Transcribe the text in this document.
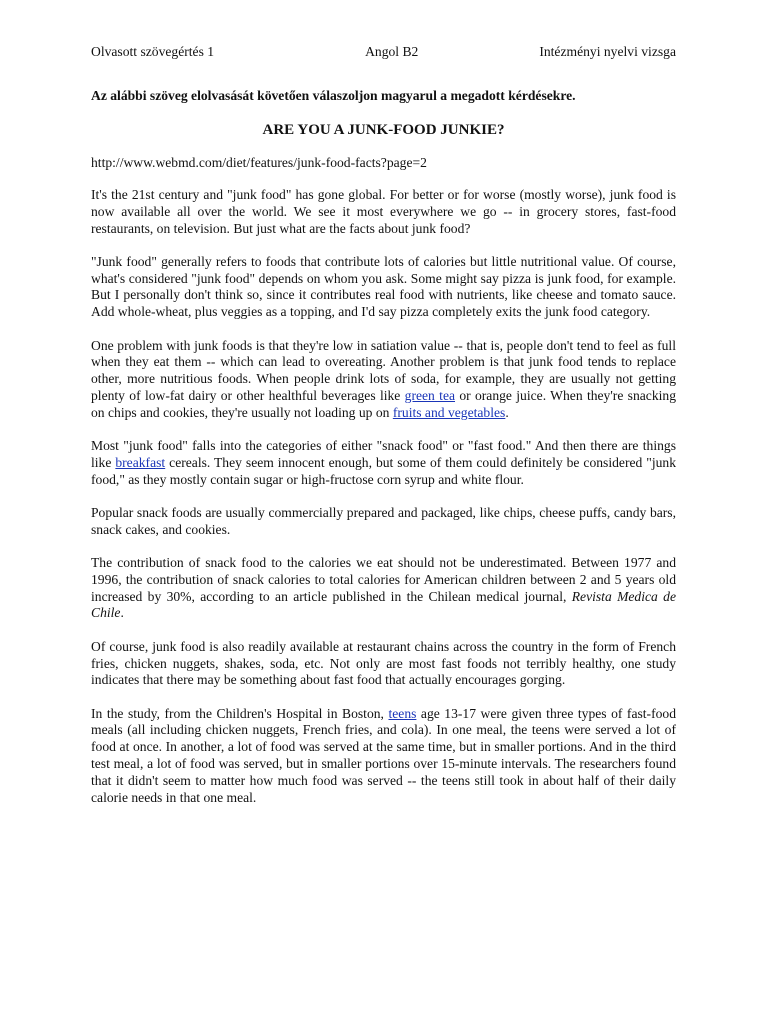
Olvasott szövegértés 1	Angol B2	Intézményi nyelvi vizsga

Az alábbi szöveg elolvasását követően válaszoljon magyarul a megadott kérdésekre.

ARE YOU A JUNK-FOOD JUNKIE?

http://www.webmd.com/diet/features/junk-food-facts?page=2

It's the 21st century and "junk food" has gone global. For better or for worse (mostly worse), junk food is now available all over the world. We see it most everywhere we go -- in grocery stores, fast-food restaurants, on television. But just what are the facts about junk food?

"Junk food" generally refers to foods that contribute lots of calories but little nutritional value. Of course, what's considered "junk food" depends on whom you ask. Some might say pizza is junk food, for example. But I personally don't think so, since it contributes real food with nutrients, like cheese and tomato sauce. Add whole-wheat, plus veggies as a topping, and I'd say pizza completely exits the junk food category.

One problem with junk foods is that they're low in satiation value -- that is, people don't tend to feel as full when they eat them -- which can lead to overeating. Another problem is that junk food tends to replace other, more nutritious foods. When people drink lots of soda, for example, they are usually not getting plenty of low-fat dairy or other healthful beverages like green tea or orange juice. When they're snacking on chips and cookies, they're usually not loading up on fruits and vegetables.

Most "junk food" falls into the categories of either "snack food" or "fast food." And then there are things like breakfast cereals. They seem innocent enough, but some of them could definitely be considered "junk food," as they mostly contain sugar or high-fructose corn syrup and white flour.

Popular snack foods are usually commercially prepared and packaged, like chips, cheese puffs, candy bars, snack cakes, and cookies.

The contribution of snack food to the calories we eat should not be underestimated. Between 1977 and 1996, the contribution of snack calories to total calories for American children between 2 and 5 years old increased by 30%, according to an article published in the Chilean medical journal, Revista Medica de Chile.

Of course, junk food is also readily available at restaurant chains across the country in the form of French fries, chicken nuggets, shakes, soda, etc. Not only are most fast foods not terribly healthy, one study indicates that there may be something about fast food that actually encourages gorging.

In the study, from the Children's Hospital in Boston, teens age 13-17 were given three types of fast-food meals (all including chicken nuggets, French fries, and cola). In one meal, the teens were served a lot of food at once. In another, a lot of food was served at the same time, but in smaller portions. And in the third test meal, a lot of food was served, but in smaller portions over 15-minute intervals. The researchers found that it didn't seem to matter how much food was served -- the teens still took in about half of their daily calorie needs in that one meal.
